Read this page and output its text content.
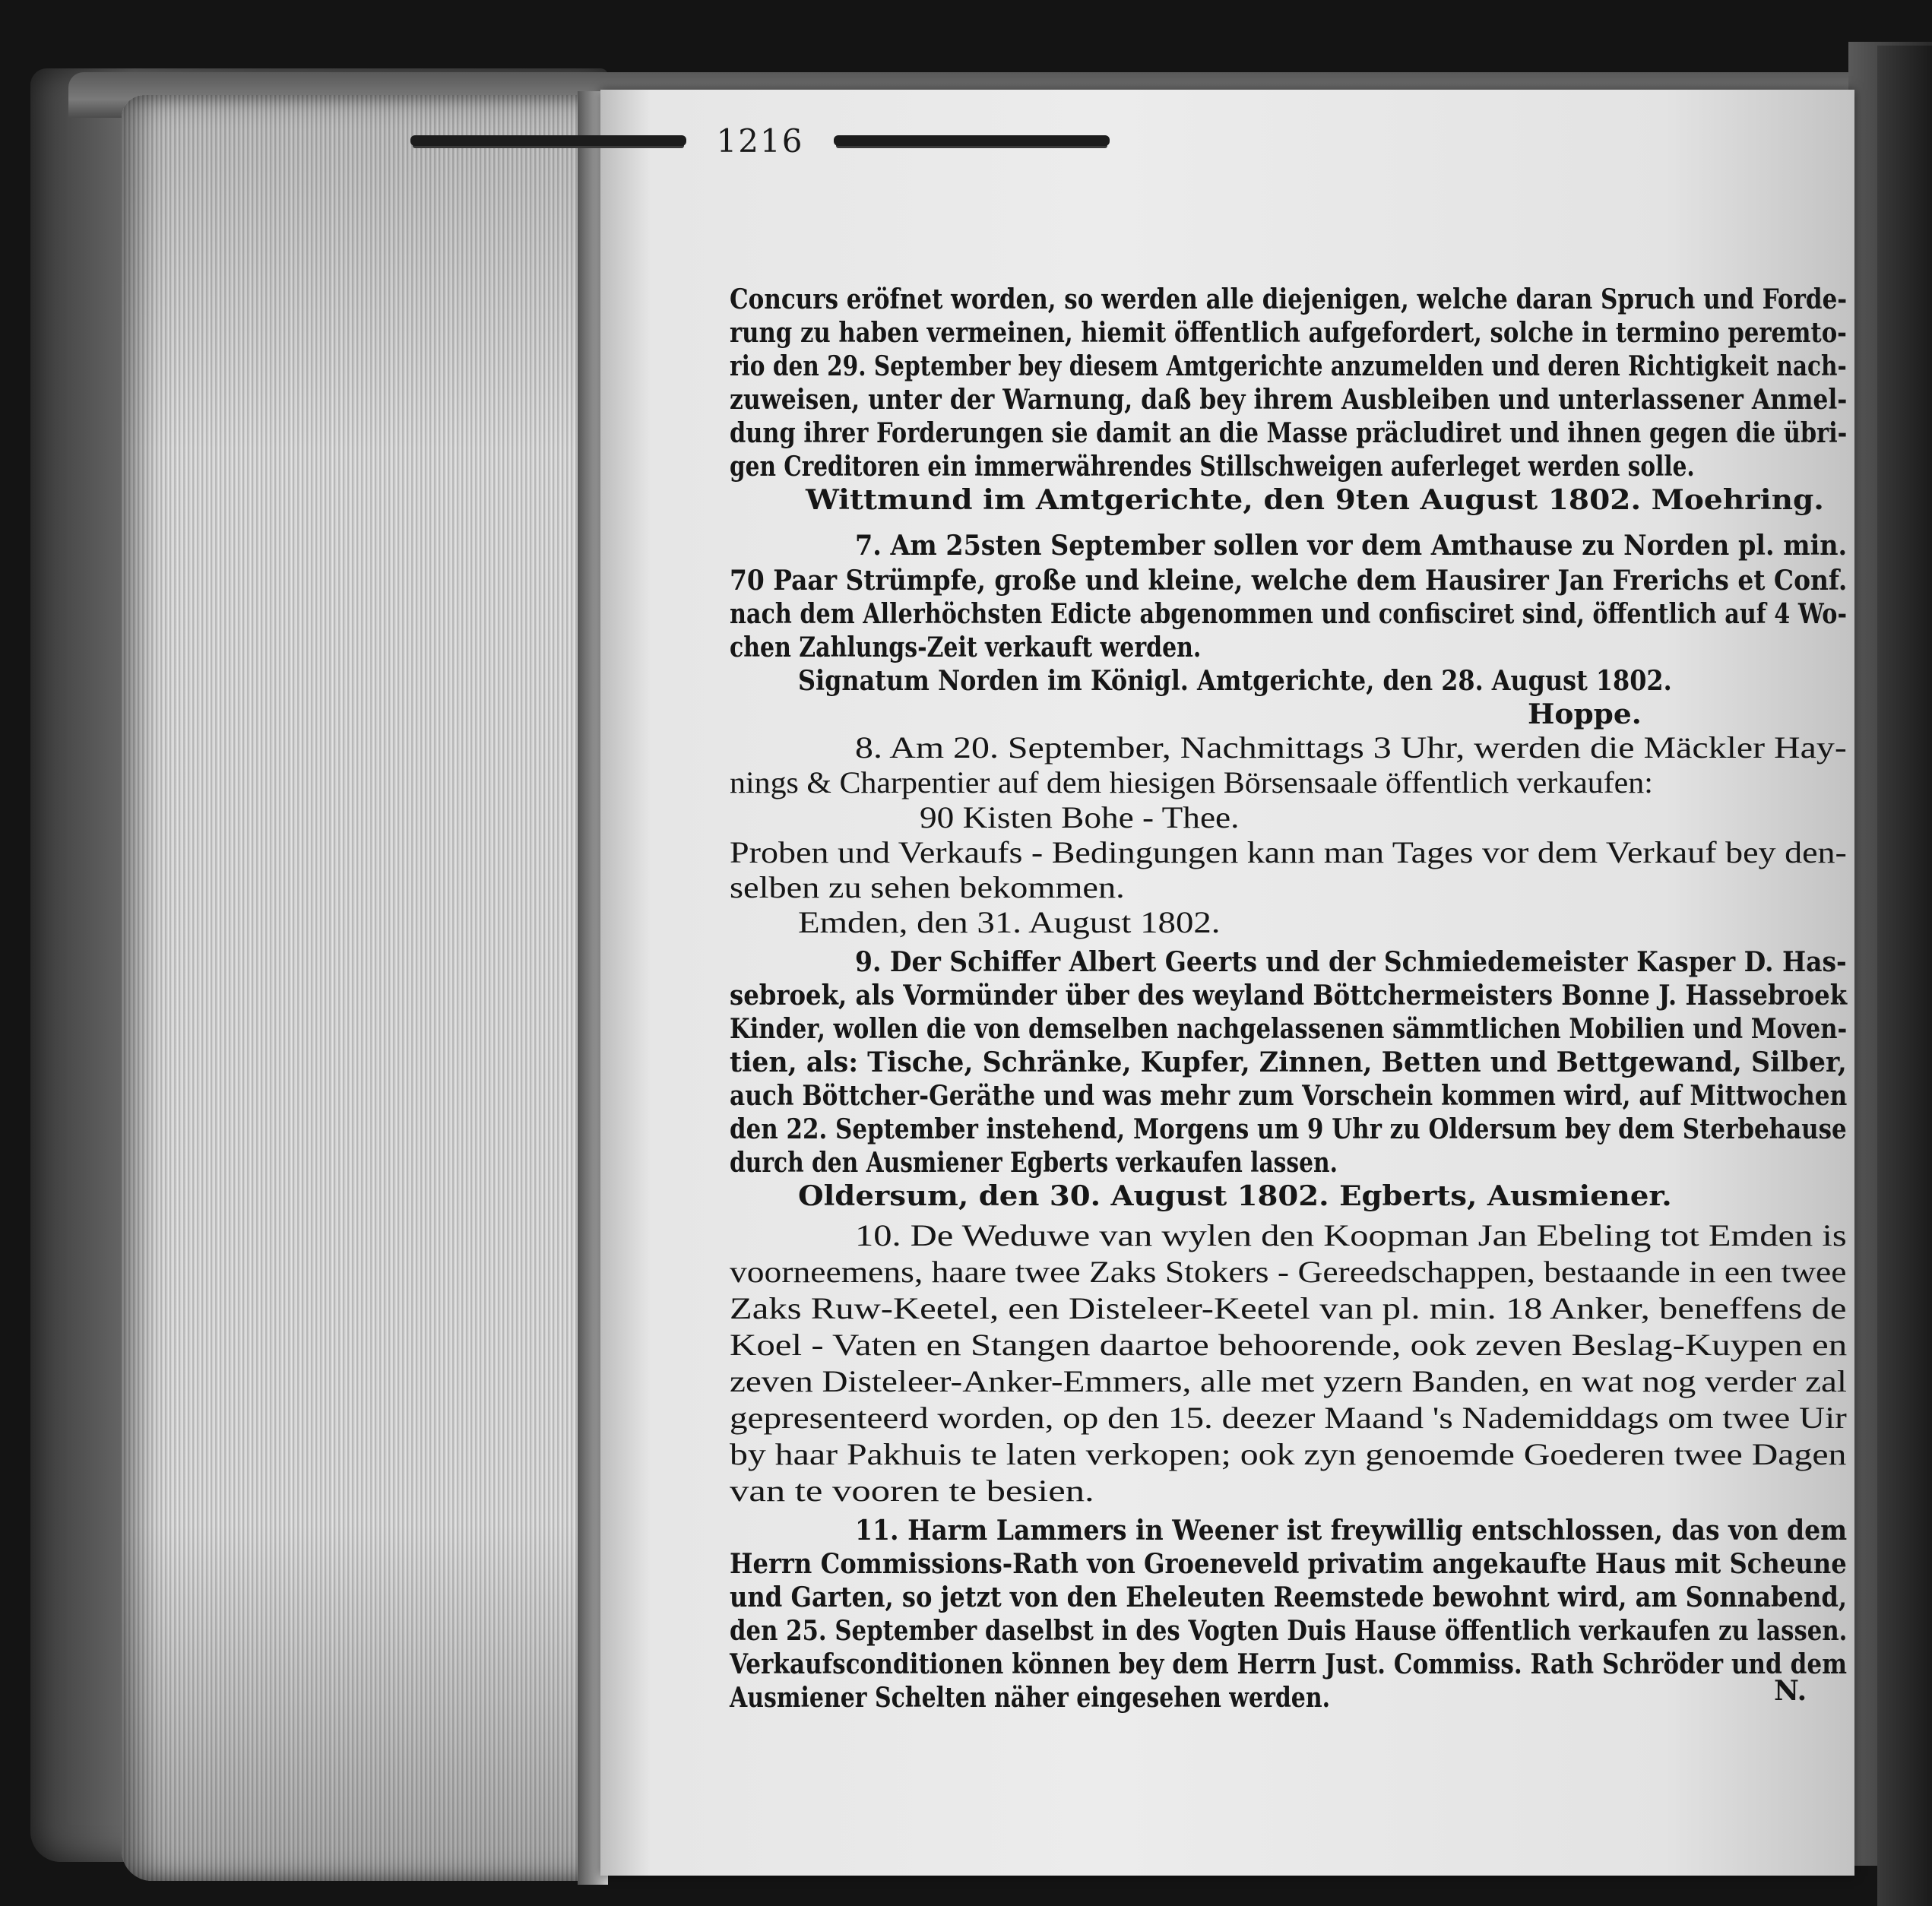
1216
Concurs eröfnet worden, so werden alle diejenigen, welche daran Spruch und Forde-
rung zu haben vermeinen, hiemit öffentlich aufgefordert, solche in termino peremto-
rio den 29. September bey diesem Amtgerichte anzumelden und deren Richtigkeit nach-
zuweisen, unter der Warnung, daß bey ihrem Ausbleiben und unterlassener Anmel-
dung ihrer Forderungen sie damit an die Masse präcludiret und ihnen gegen die übri-
gen Creditoren ein immerwährendes Stillschweigen auferleget werden solle.
Wittmund im Amtgerichte, den 9ten August 1802. Moehring.
7. Am 25sten September sollen vor dem Amthause zu Norden pl. min.
70 Paar Strümpfe, große und kleine, welche dem Hausirer Jan Frerichs et Conf.
nach dem Allerhöchsten Edicte abgenommen und confisciret sind, öffentlich auf 4 Wo-
chen Zahlungs-Zeit verkauft werden.
Signatum Norden im Königl. Amtgerichte, den 28. August 1802.
Hoppe.
8. Am 20. September, Nachmittags 3 Uhr, werden die Mäckler Hay-
nings & Charpentier auf dem hiesigen Börsensaale öffentlich verkaufen:
90 Kisten Bohe - Thee.
Proben und Verkaufs - Bedingungen kann man Tages vor dem Verkauf bey den-
selben zu sehen bekommen.
Emden, den 31. August 1802.
9. Der Schiffer Albert Geerts und der Schmiedemeister Kasper D. Has-
sebroek, als Vormünder über des weyland Böttchermeisters Bonne J. Hassebroek
Kinder, wollen die von demselben nachgelassenen sämmtlichen Mobilien und Moven-
tien, als: Tische, Schränke, Kupfer, Zinnen, Betten und Bettgewand, Silber,
auch Böttcher-Geräthe und was mehr zum Vorschein kommen wird, auf Mittwochen
den 22. September instehend, Morgens um 9 Uhr zu Oldersum bey dem Sterbehause
durch den Ausmiener Egberts verkaufen lassen.
Oldersum, den 30. August 1802. Egberts, Ausmiener.
10. De Weduwe van wylen den Koopman Jan Ebeling tot Emden is
voorneemens, haare twee Zaks Stokers - Gereedschappen, bestaande in een twee
Zaks Ruw-Keetel, een Disteleer-Keetel van pl. min. 18 Anker, beneffens de
Koel - Vaten en Stangen daartoe behoorende, ook zeven Beslag-Kuypen en
zeven Disteleer-Anker-Emmers, alle met yzern Banden, en wat nog verder zal
gepresenteerd worden, op den 15. deezer Maand 's Nademiddags om twee Uir
by haar Pakhuis te laten verkopen; ook zyn genoemde Goederen twee Dagen
van te vooren te besien.
11. Harm Lammers in Weener ist freywillig entschlossen, das von dem
Herrn Commissions-Rath von Groeneveld privatim angekaufte Haus mit Scheune
und Garten, so jetzt von den Eheleuten Reemstede bewohnt wird, am Sonnabend,
den 25. September daselbst in des Vogten Duis Hause öffentlich verkaufen zu lassen.
Verkaufsconditionen können bey dem Herrn Just. Commiss. Rath Schröder und dem
Ausmiener Schelten näher eingesehen werden.	N.
